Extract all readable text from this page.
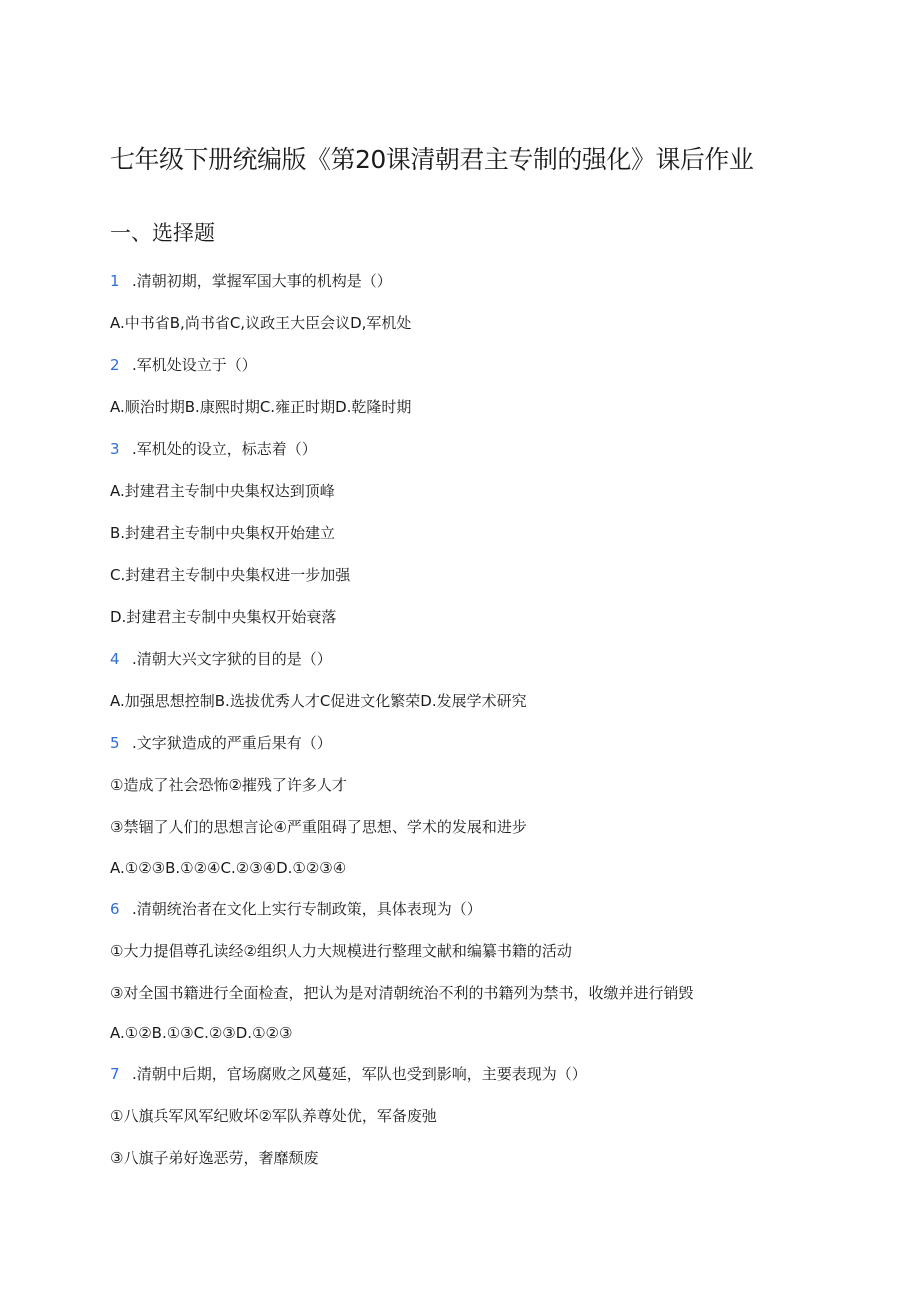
七年级下册统编版《第20课清朝君主专制的强化》课后作业
一、选择题
1 .清朝初期，掌握军国大事的机构是（）
A.中书省B,尚书省C,议政王大臣会议D,军机处
2 .军机处设立于（）
A.顺治时期B.康熙时期C.雍正时期D.乾隆时期
3 .军机处的设立，标志着（）
A.封建君主专制中央集权达到顶峰
B.封建君主专制中央集权开始建立
C.封建君主专制中央集权进一步加强
D.封建君主专制中央集权开始衰落
4 .清朝大兴文字狱的目的是（）
A.加强思想控制B.选拔优秀人才C促进文化繁荣D.发展学术研究
5 .文字狱造成的严重后果有（）
①造成了社会恐怖②摧残了许多人才
③禁锢了人们的思想言论④严重阻碍了思想、学术的发展和进步
A.①②③B.①②④C.②③④D.①②③④
6 .清朝统治者在文化上实行专制政策，具体表现为（）
①大力提倡尊孔读经②组织人力大规模进行整理文献和编纂书籍的活动
③对全国书籍进行全面检查，把认为是对清朝统治不利的书籍列为禁书，收缴并进行销毁
A.①②B.①③C.②③D.①②③
7 .清朝中后期，官场腐败之风蔓延，军队也受到影响，主要表现为（）
①八旗兵军风军纪败坏②军队养尊处优，军备废弛
③八旗子弟好逸恶劳，奢靡颓废
